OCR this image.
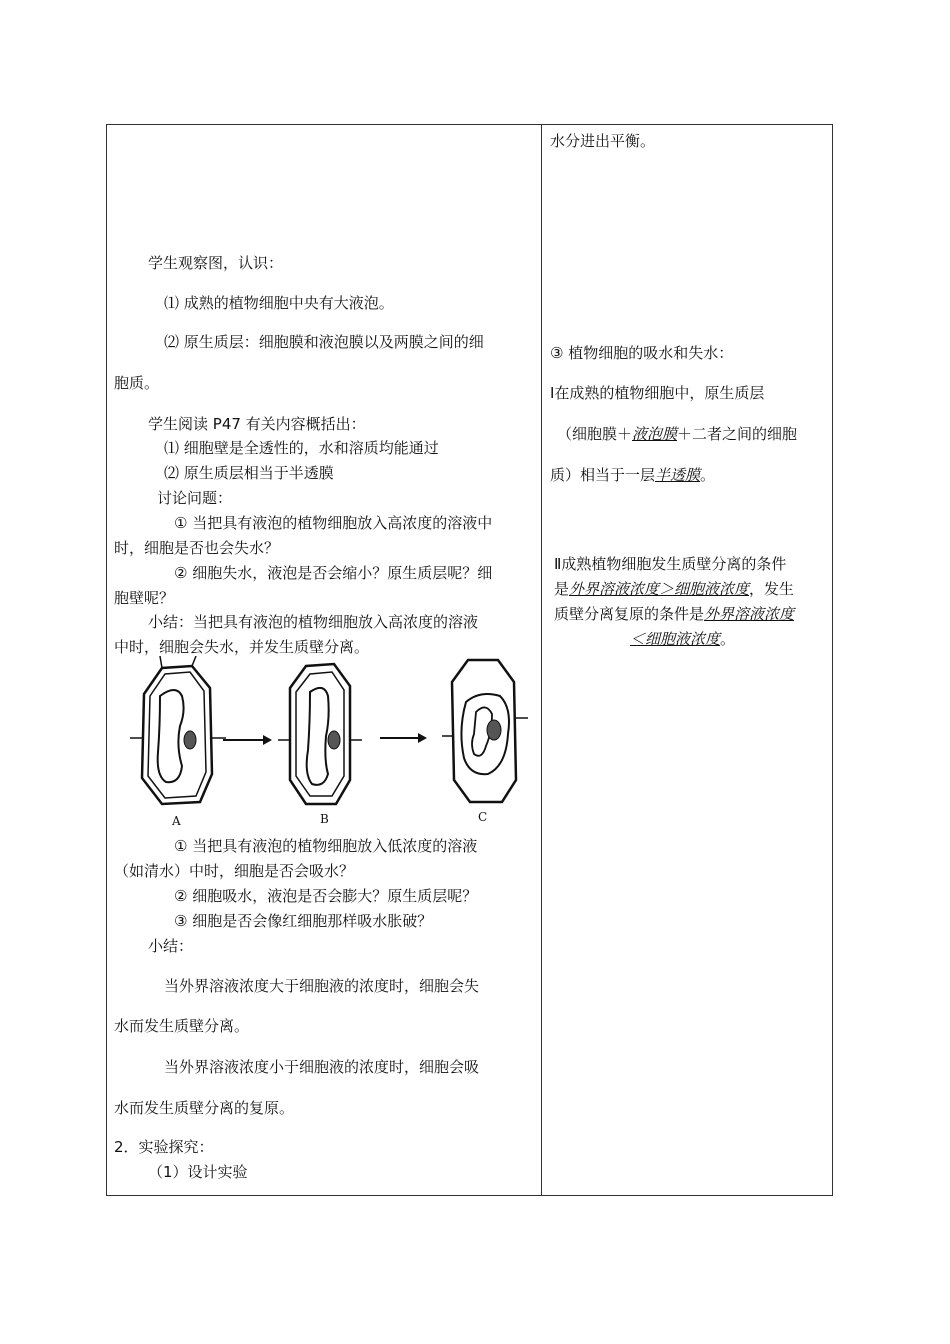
学生观察图，认识：
⑴ 成熟的植物细胞中央有大液泡。
⑵ 原生质层：细胞膜和液泡膜以及两膜之间的细
胞质。
学生阅读 P47 有关内容概括出：
⑴ 细胞壁是全透性的，水和溶质均能通过
⑵ 原生质层相当于半透膜
讨论问题：
① 当把具有液泡的植物细胞放入高浓度的溶液中
时，细胞是否也会失水？
② 细胞失水，液泡是否会缩小？原生质层呢？细
胞壁呢？
小结：当把具有液泡的植物细胞放入高浓度的溶液
中时，细胞会失水，并发生质壁分离。
A	B	C
① 当把具有液泡的植物细胞放入低浓度的溶液
（如清水）中时，细胞是否会吸水？
② 细胞吸水，液泡是否会膨大？原生质层呢？
③ 细胞是否会像红细胞那样吸水胀破？
小结：
当外界溶液浓度大于细胞液的浓度时，细胞会失
水而发生质壁分离。
当外界溶液浓度小于细胞液的浓度时，细胞会吸
水而发生质壁分离的复原。
2．实验探究：
（1）设计实验
水分进出平衡。
③ 植物细胞的吸水和失水：
Ⅰ在成熟的植物细胞中，原生质层
（细胞膜＋液泡膜＋二者之间的细胞
质）相当于一层半透膜。
Ⅱ成熟植物细胞发生质壁分离的条件
是外界溶液浓度＞细胞液浓度，发生
质壁分离复原的条件是外界溶液浓度
＜细胞液浓度。
